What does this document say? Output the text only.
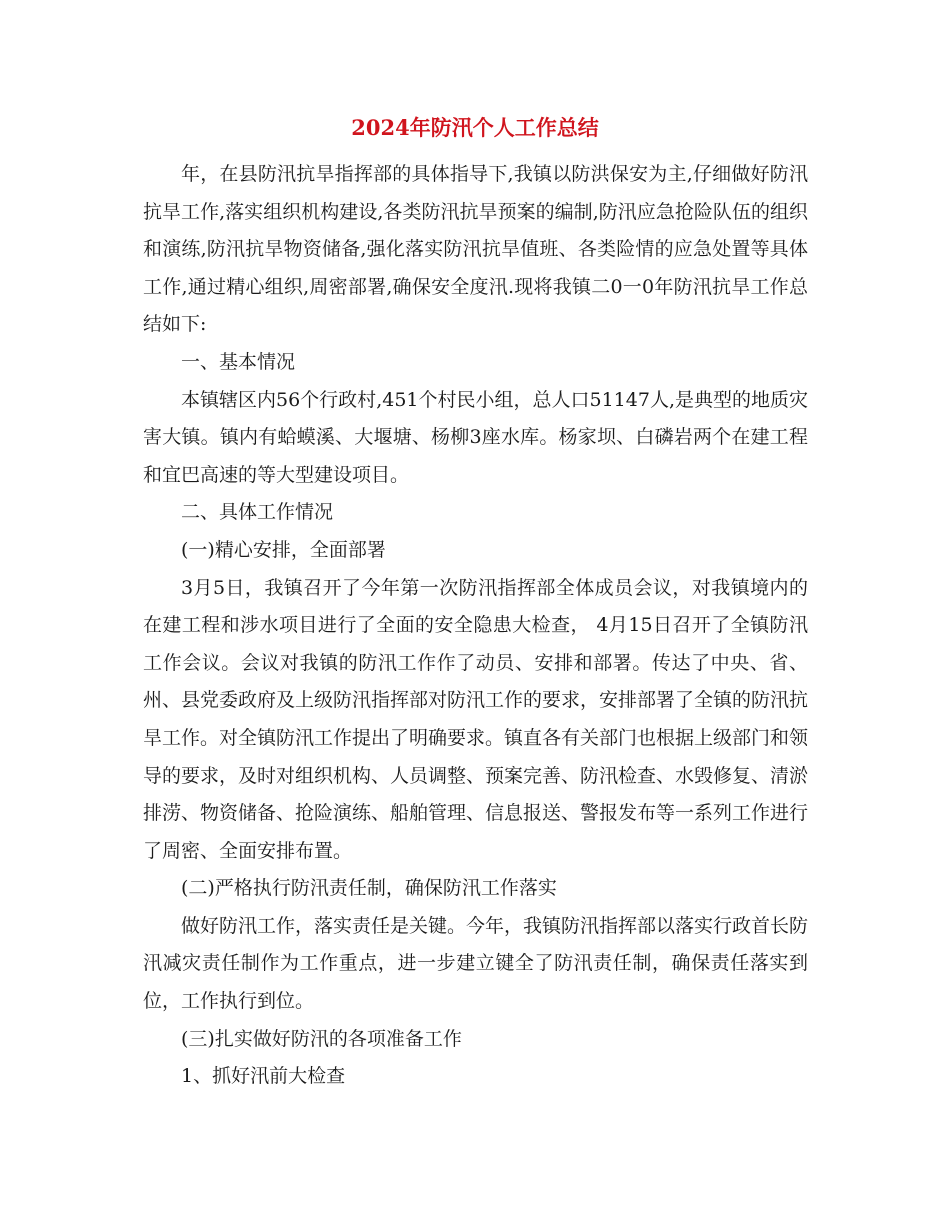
2024年防汛个人工作总结

年，在县防汛抗旱指挥部的具体指导下,我镇以防洪保安为主,仔细做好防汛抗旱工作,落实组织机构建设,各类防汛抗旱预案的编制,防汛应急抢险队伍的组织和演练,防汛抗旱物资储备,强化落实防汛抗旱值班、各类险情的应急处置等具体工作,通过精心组织,周密部署,确保安全度汛.现将我镇二0一0年防汛抗旱工作总结如下:

一、基本情况

本镇辖区内56个行政村,451个村民小组，总人口51147人,是典型的地质灾害大镇。镇内有蛤蟆溪、大堰塘、杨柳3座水库。杨家坝、白磷岩两个在建工程和宜巴高速的等大型建设项目。

二、具体工作情况

(一)精心安排，全面部署

3月5日，我镇召开了今年第一次防汛指挥部全体成员会议，对我镇境内的在建工程和涉水项目进行了全面的安全隐患大检查， 4月15日召开了全镇防汛工作会议。会议对我镇的防汛工作作了动员、安排和部署。传达了中央、省、州、县党委政府及上级防汛指挥部对防汛工作的要求，安排部署了全镇的防汛抗旱工作。对全镇防汛工作提出了明确要求。镇直各有关部门也根据上级部门和领导的要求，及时对组织机构、人员调整、预案完善、防汛检查、水毁修复、清淤排涝、物资储备、抢险演练、船舶管理、信息报送、警报发布等一系列工作进行了周密、全面安排布置。

(二)严格执行防汛责任制，确保防汛工作落实

做好防汛工作，落实责任是关键。今年，我镇防汛指挥部以落实行政首长防汛减灾责任制作为工作重点，进一步建立键全了防汛责任制，确保责任落实到位，工作执行到位。

(三)扎实做好防汛的各项准备工作

1、抓好汛前大检查
